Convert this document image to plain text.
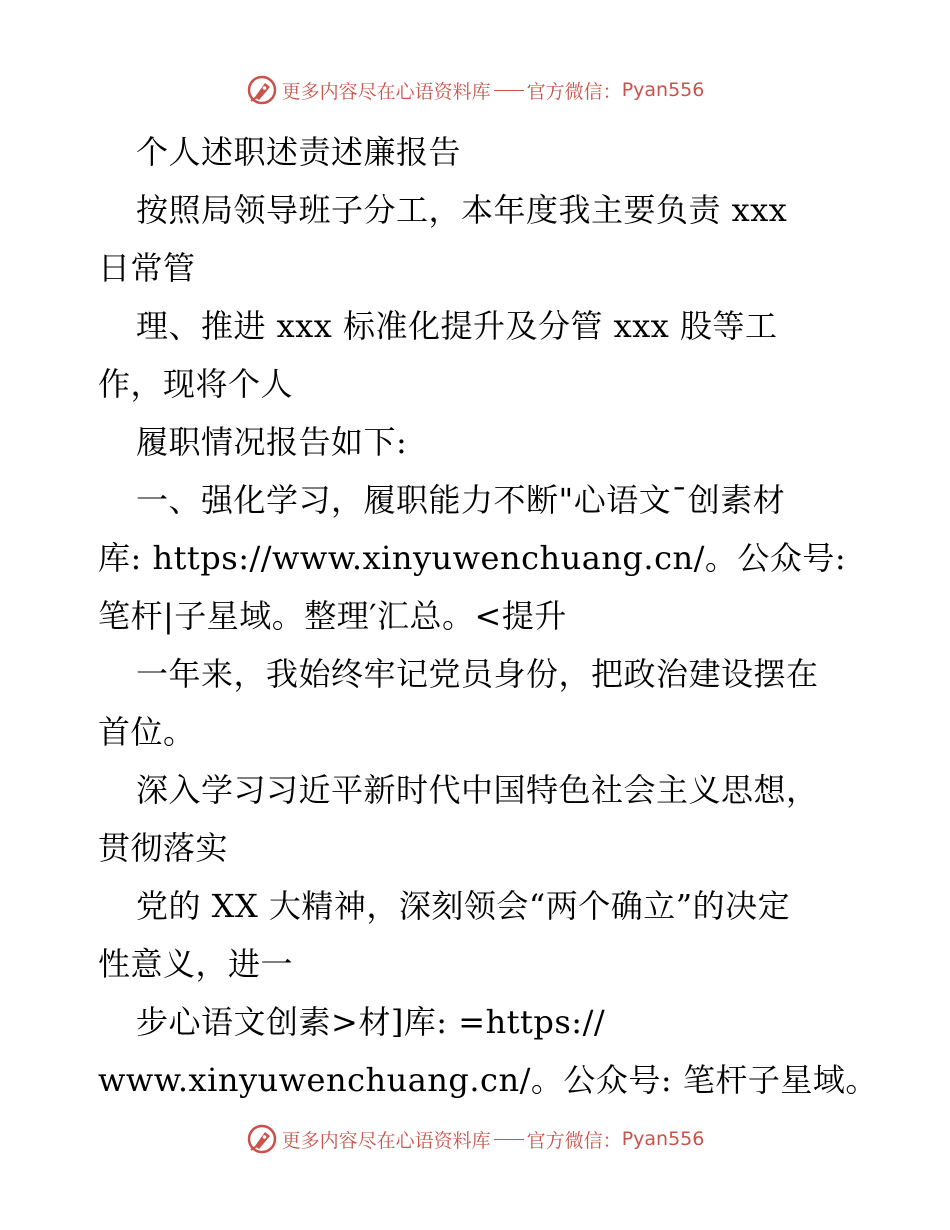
更多内容尽在心语资料库 官方微信： Pyan556
个人述职述责述廉报告
按照局领导班子分工，本年度我主要负责 xxx
日常管
理、推进 xxx 标准化提升及分管 xxx 股等工
作，现将个人
履职情况报告如下:
一、强化学习，履职能力不断"心语文¯创素材
库: https://www.xinyuwenchuang.cn/。公众号:
笔杆|子星域。整理′汇总。<提升
一年来，我始终牢记党员身份，把政治建设摆在
首位。
深入学习习近平新时代中国特色社会主义思想，
贯彻落实
党的 XX 大精神，深刻领会“两个确立”的决定
性意义，进一
步心语文创素>材]库: =https://
www.xinyuwenchuang.cn/。公众号: 笔杆子星域。
更多内容尽在心语资料库 官方微信： Pyan556
